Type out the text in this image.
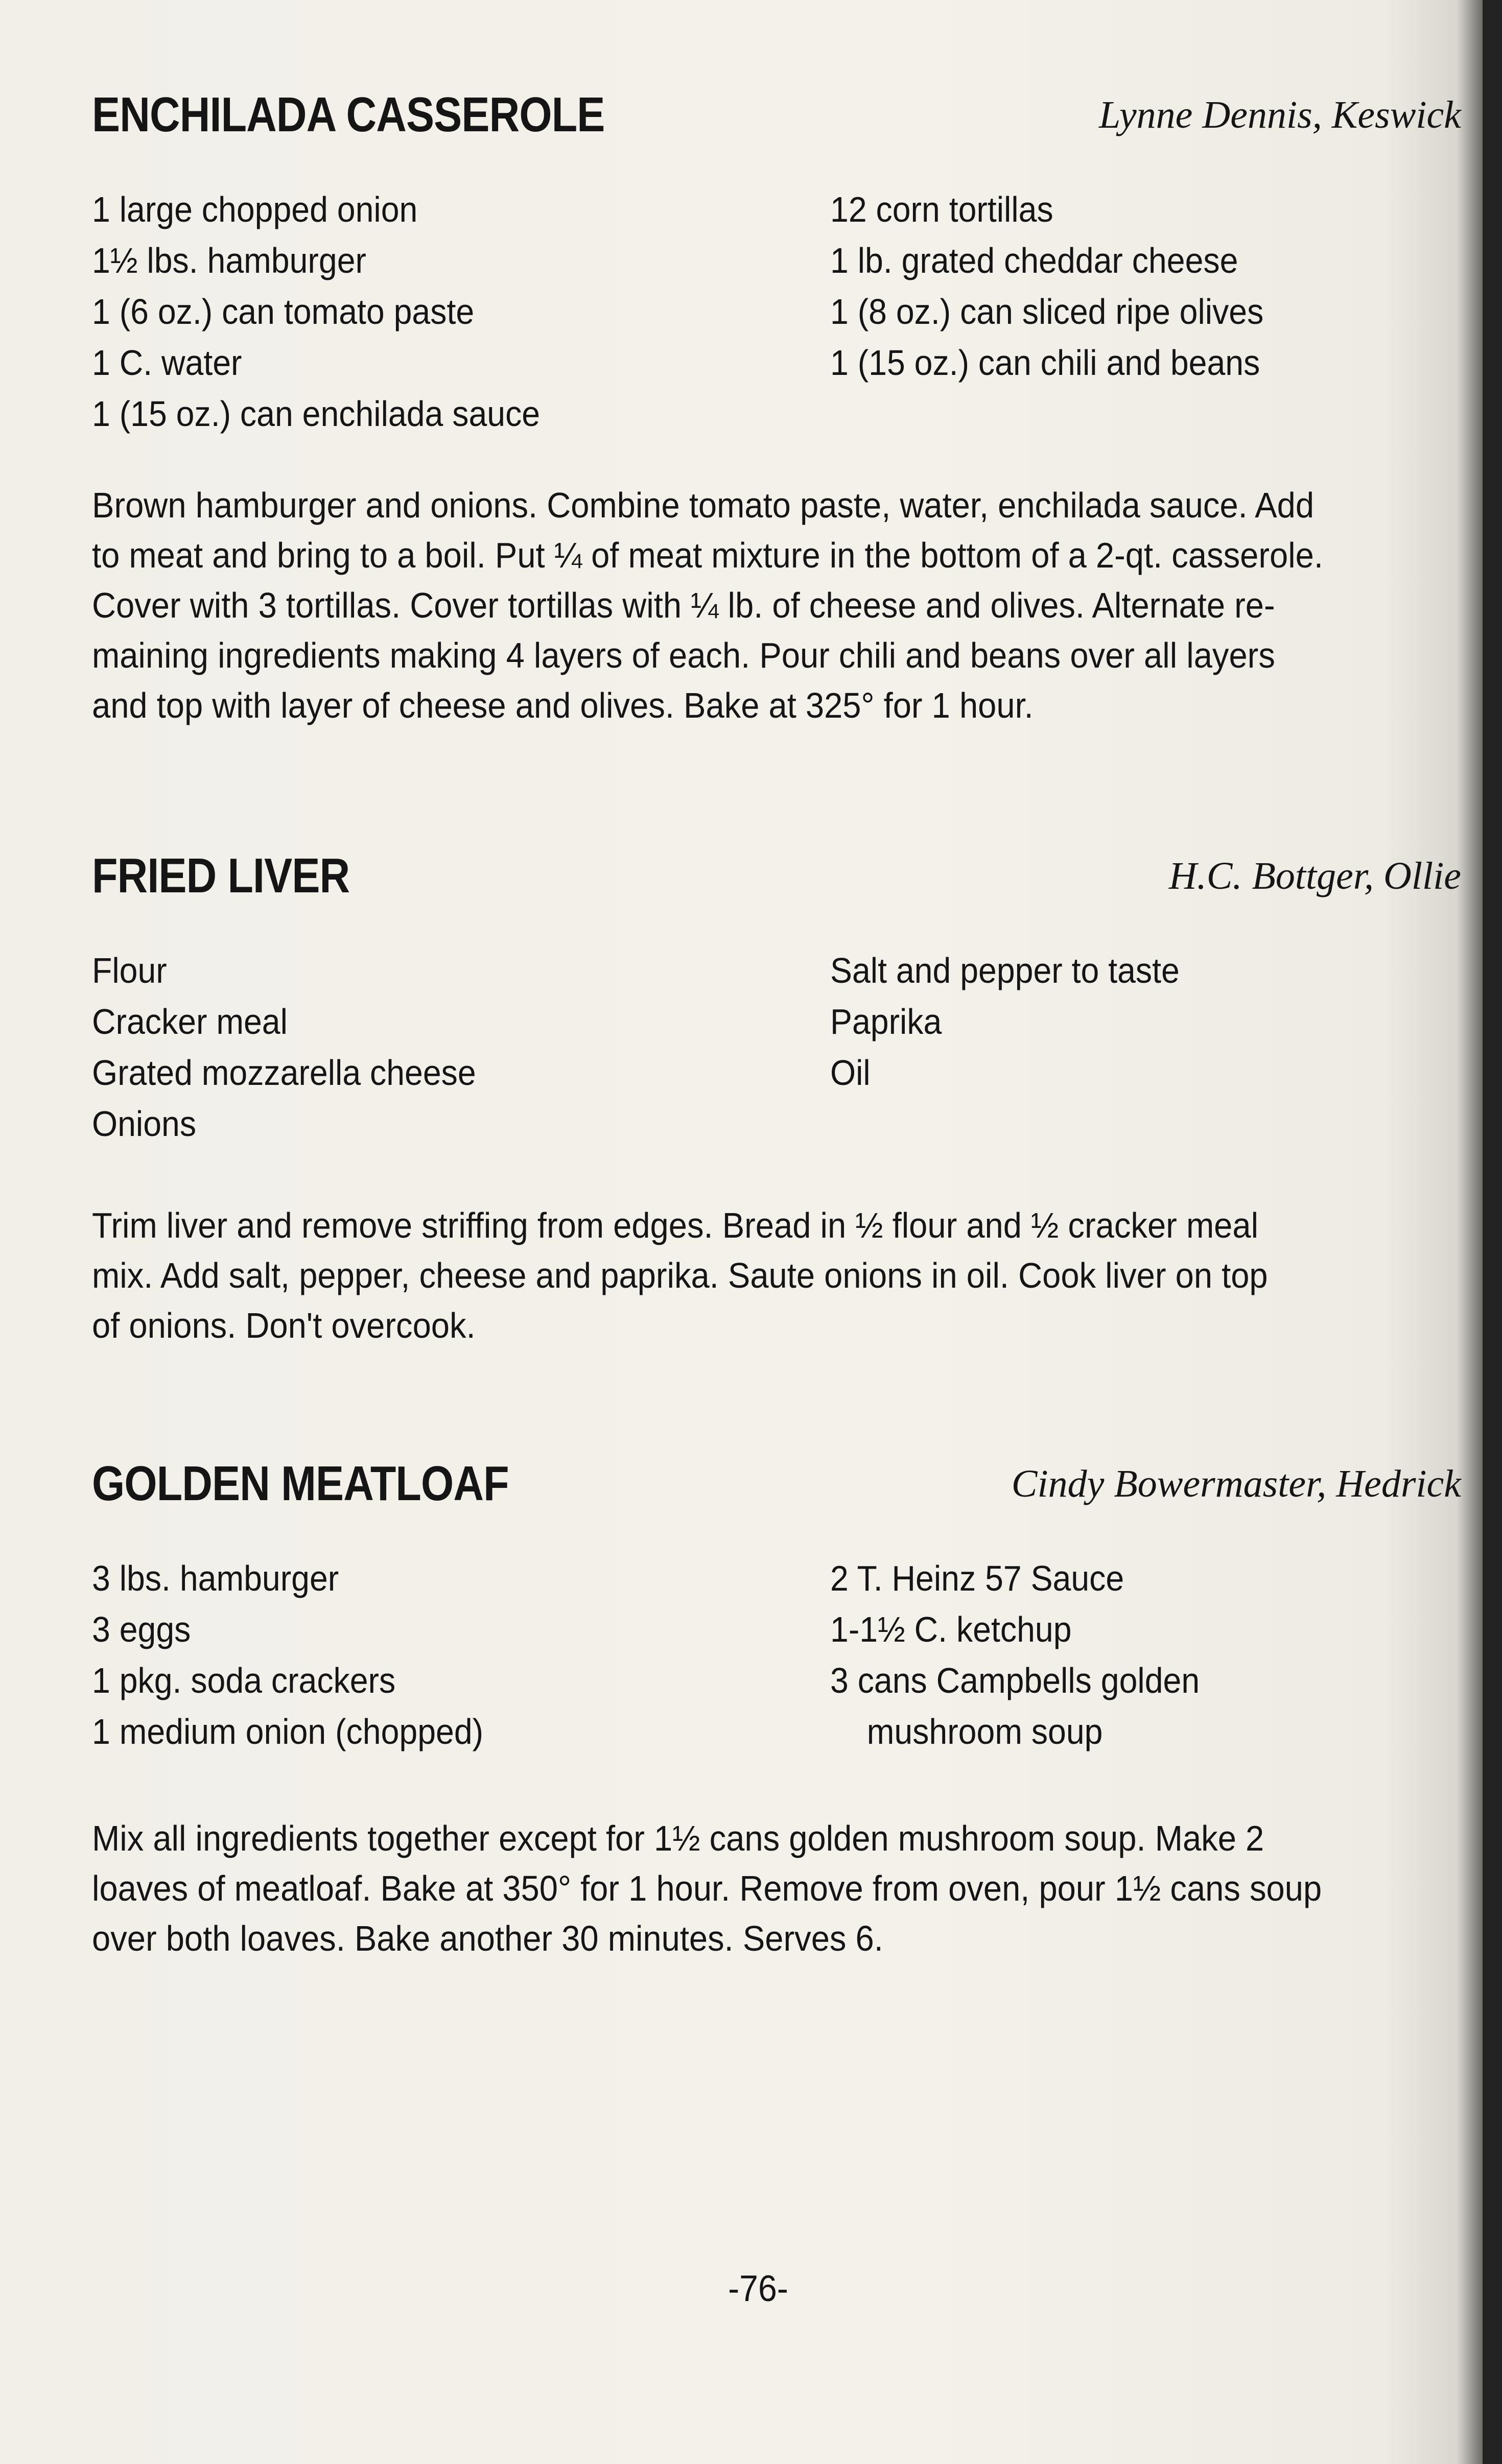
ENCHILADA CASSEROLE	Lynne Dennis, Keswick
1 large chopped onion
1½ lbs. hamburger
1 (6 oz.) can tomato paste
1 C. water
1 (15 oz.) can enchilada sauce
12 corn tortillas
1 lb. grated cheddar cheese
1 (8 oz.) can sliced ripe olives
1 (15 oz.) can chili and beans
Brown hamburger and onions. Combine tomato paste, water, enchilada sauce. Add
to meat and bring to a boil. Put ¼ of meat mixture in the bottom of a 2-qt. casserole.
Cover with 3 tortillas. Cover tortillas with ¼ lb. of cheese and olives. Alternate re-
maining ingredients making 4 layers of each. Pour chili and beans over all layers
and top with layer of cheese and olives. Bake at 325° for 1 hour.
FRIED LIVER	H.C. Bottger, Ollie
Flour
Cracker meal
Grated mozzarella cheese
Onions
Salt and pepper to taste
Paprika
Oil
Trim liver and remove striffing from edges. Bread in ½ flour and ½ cracker meal
mix. Add salt, pepper, cheese and paprika. Saute onions in oil. Cook liver on top
of onions. Don't overcook.
GOLDEN MEATLOAF	Cindy Bowermaster, Hedrick
3 lbs. hamburger
3 eggs
1 pkg. soda crackers
1 medium onion (chopped)
2 T. Heinz 57 Sauce
1-1½ C. ketchup
3 cans Campbells golden
mushroom soup
Mix all ingredients together except for 1½ cans golden mushroom soup. Make 2
loaves of meatloaf. Bake at 350° for 1 hour. Remove from oven, pour 1½ cans soup
over both loaves. Bake another 30 minutes. Serves 6.
-76-
